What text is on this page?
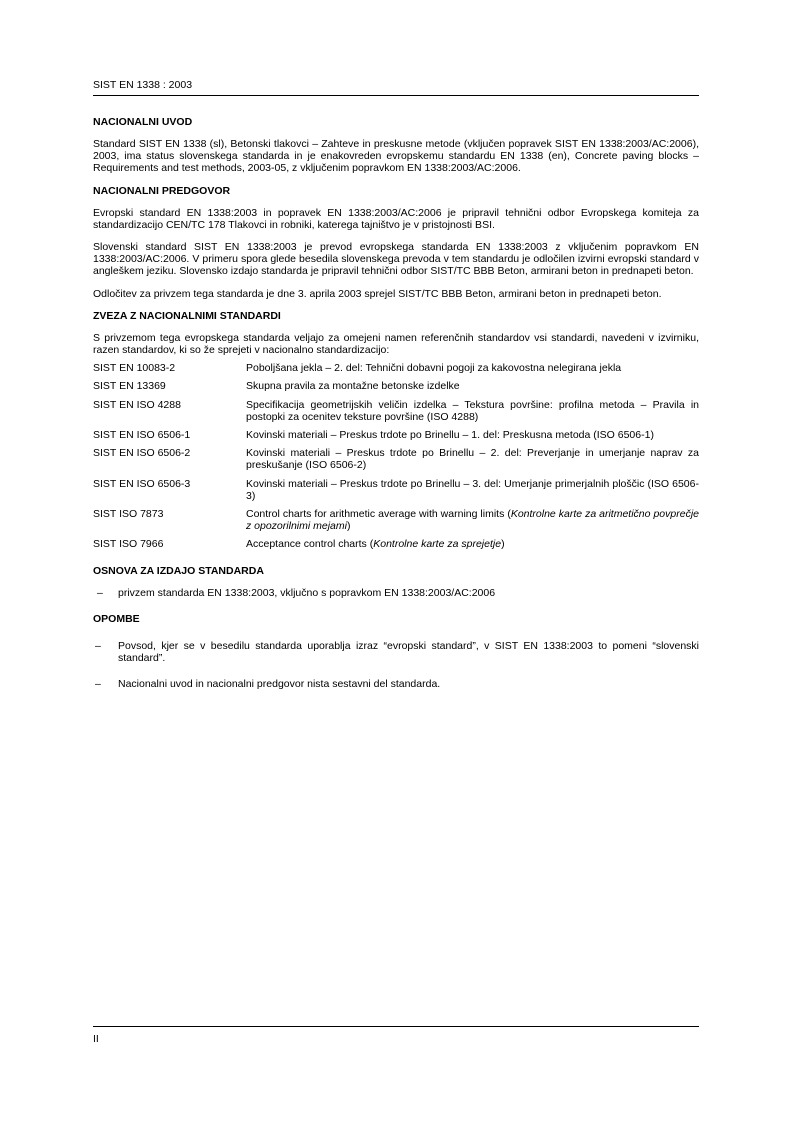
SIST EN 1338 : 2003
NACIONALNI UVOD

Standard SIST EN 1338 (sl), Betonski tlakovci – Zahteve in preskusne metode (vključen popravek SIST EN 1338:2003/AC:2006), 2003, ima status slovenskega standarda in je enakovreden evropskemu standardu EN 1338 (en), Concrete paving blocks – Requirements and test methods, 2003-05, z vključenim popravkom EN 1338:2003/AC:2006.

NACIONALNI PREDGOVOR

Evropski standard EN 1338:2003 in popravek EN 1338:2003/AC:2006 je pripravil tehnični odbor Evropskega komiteja za standardizacijo CEN/TC 178 Tlakovci in robniki, katerega tajništvo je v pristojnosti BSI.

Slovenski standard SIST EN 1338:2003 je prevod evropskega standarda EN 1338:2003 z vključenim popravkom EN 1338:2003/AC:2006. V primeru spora glede besedila slovenskega prevoda v tem standardu je odločilen izvirni evropski standard v angleškem jeziku. Slovensko izdajo standarda je pripravil tehnični odbor SIST/TC BBB Beton, armirani beton in prednapeti beton.

Odločitev za privzem tega standarda je dne 3. aprila 2003 sprejel SIST/TC BBB Beton, armirani beton in prednapeti beton.

ZVEZA Z NACIONALNIMI STANDARDI

S privzemom tega evropskega standarda veljajo za omejeni namen referenčnih standardov vsi standardi, navedeni v izvirniku, razen standardov, ki so že sprejeti v nacionalno standardizacijo:

SIST EN 10083-2	Poboljšana jekla – 2. del: Tehnični dobavni pogoji za kakovostna nelegirana jekla
SIST EN 13369	Skupna pravila za montažne betonske izdelke
SIST EN ISO 4288	Specifikacija geometrijskih veličin izdelka – Tekstura površine: profilna metoda – Pravila in postopki za ocenitev teksture površine (ISO 4288)
SIST EN ISO 6506-1	Kovinski materiali – Preskus trdote po Brinellu – 1. del: Preskusna metoda (ISO 6506-1)
SIST EN ISO 6506-2	Kovinski materiali – Preskus trdote po Brinellu – 2. del: Preverjanje in umerjanje naprav za preskušanje (ISO 6506-2)
SIST EN ISO 6506-3	Kovinski materiali – Preskus trdote po Brinellu – 3. del: Umerjanje primerjalnih ploščic (ISO 6506-3)
SIST ISO 7873	Control charts for arithmetic average with warning limits (Kontrolne karte za aritmetično povprečje z opozorilnimi mejami)
SIST ISO 7966	Acceptance control charts (Kontrolne karte za sprejetje)
OSNOVA ZA IZDAJO STANDARDA
– privzem standarda EN 1338:2003, vključno s popravkom EN 1338:2003/AC:2006
OPOMBE
– Povsod, kjer se v besedilu standarda uporablja izraz “evropski standard”, v SIST EN 1338:2003 to pomeni “slovenski standard”.
– Nacionalni uvod in nacionalni predgovor nista sestavni del standarda.
II
